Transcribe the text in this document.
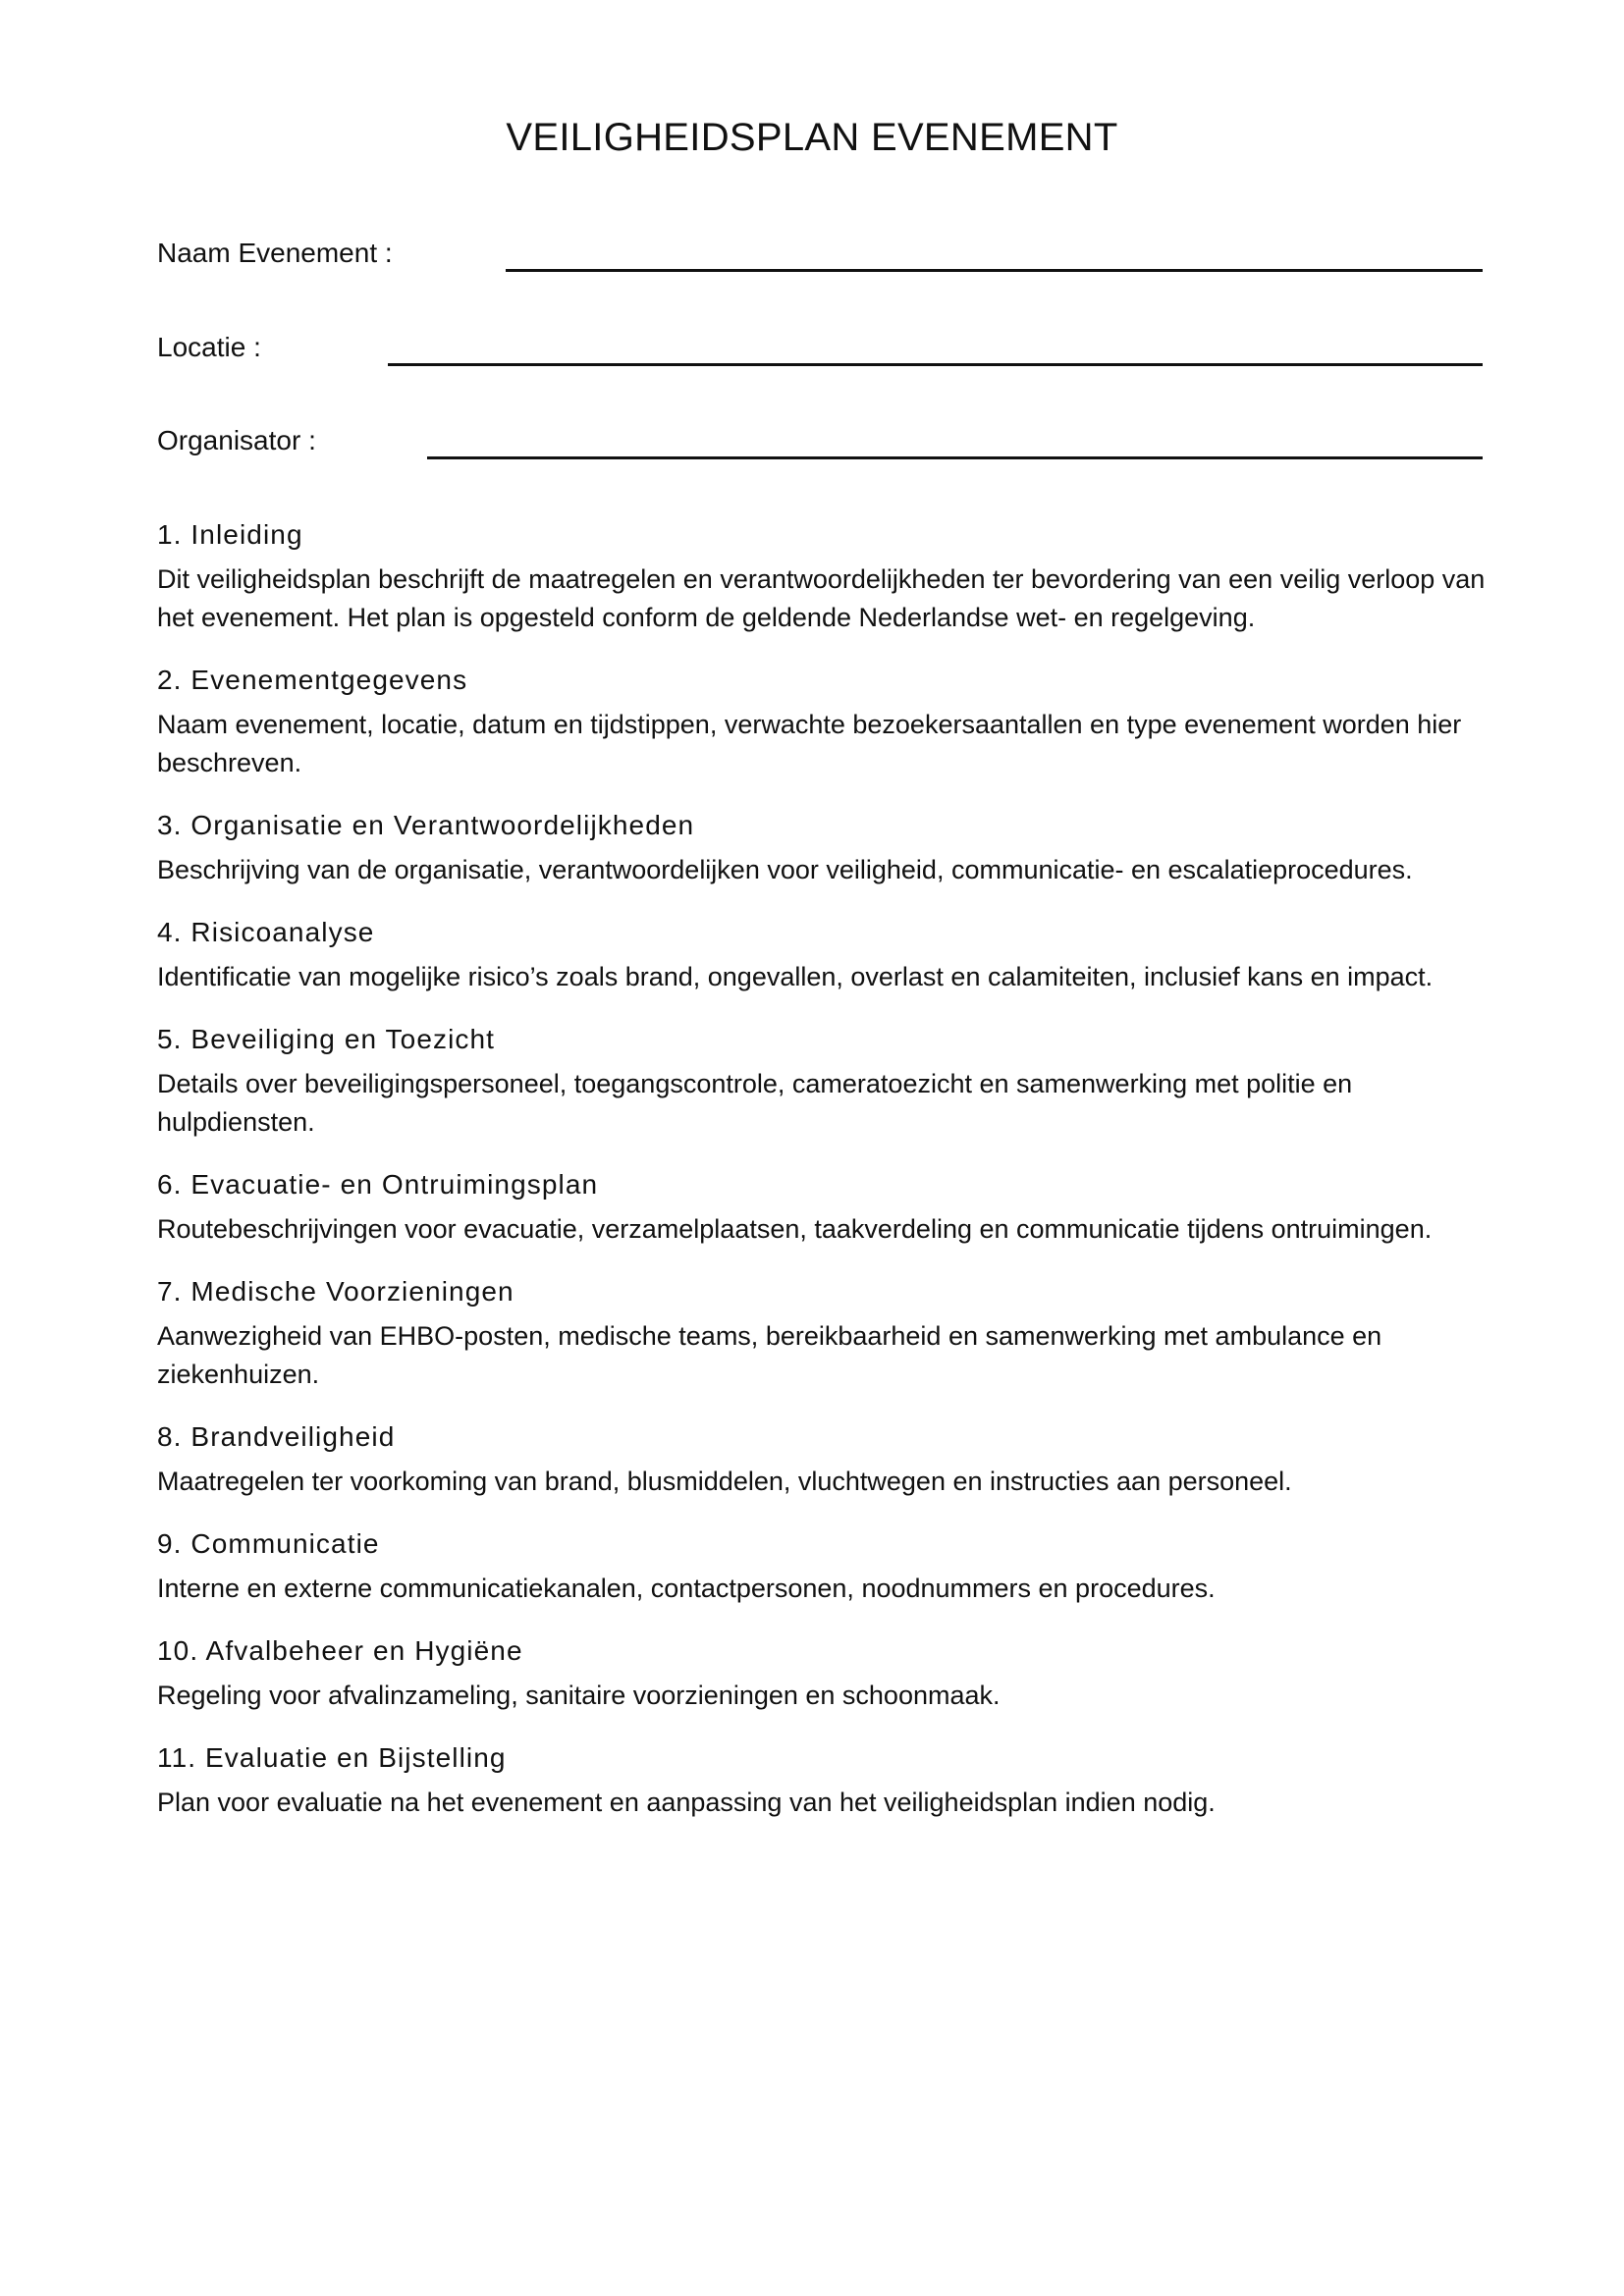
VEILIGHEIDSPLAN EVENEMENT
Naam Evenement :
Locatie :
Organisator :
1. Inleiding

Dit veiligheidsplan beschrijft de maatregelen en verantwoordelijkheden ter bevordering van een veilig verloop van het evenement. Het plan is opgesteld conform de geldende Nederlandse wet- en regelgeving.

2. Evenementgegevens

Naam evenement, locatie, datum en tijdstippen, verwachte bezoekersaantallen en type evenement worden hier beschreven.

3. Organisatie en Verantwoordelijkheden

Beschrijving van de organisatie, verantwoordelijken voor veiligheid, communicatie- en escalatieprocedures.

4. Risicoanalyse

Identificatie van mogelijke risico’s zoals brand, ongevallen, overlast en calamiteiten, inclusief kans en impact.

5. Beveiliging en Toezicht

Details over beveiligingspersoneel, toegangscontrole, cameratoezicht en samenwerking met politie en hulpdiensten.

6. Evacuatie- en Ontruimingsplan

Routebeschrijvingen voor evacuatie, verzamelplaatsen, taakverdeling en communicatie tijdens ontruimingen.

7. Medische Voorzieningen

Aanwezigheid van EHBO-posten, medische teams, bereikbaarheid en samenwerking met ambulance en ziekenhuizen.

8. Brandveiligheid

Maatregelen ter voorkoming van brand, blusmiddelen, vluchtwegen en instructies aan personeel.

9. Communicatie

Interne en externe communicatiekanalen, contactpersonen, noodnummers en procedures.

10. Afvalbeheer en Hygiëne

Regeling voor afvalinzameling, sanitaire voorzieningen en schoonmaak.

11. Evaluatie en Bijstelling

Plan voor evaluatie na het evenement en aanpassing van het veiligheidsplan indien nodig.
